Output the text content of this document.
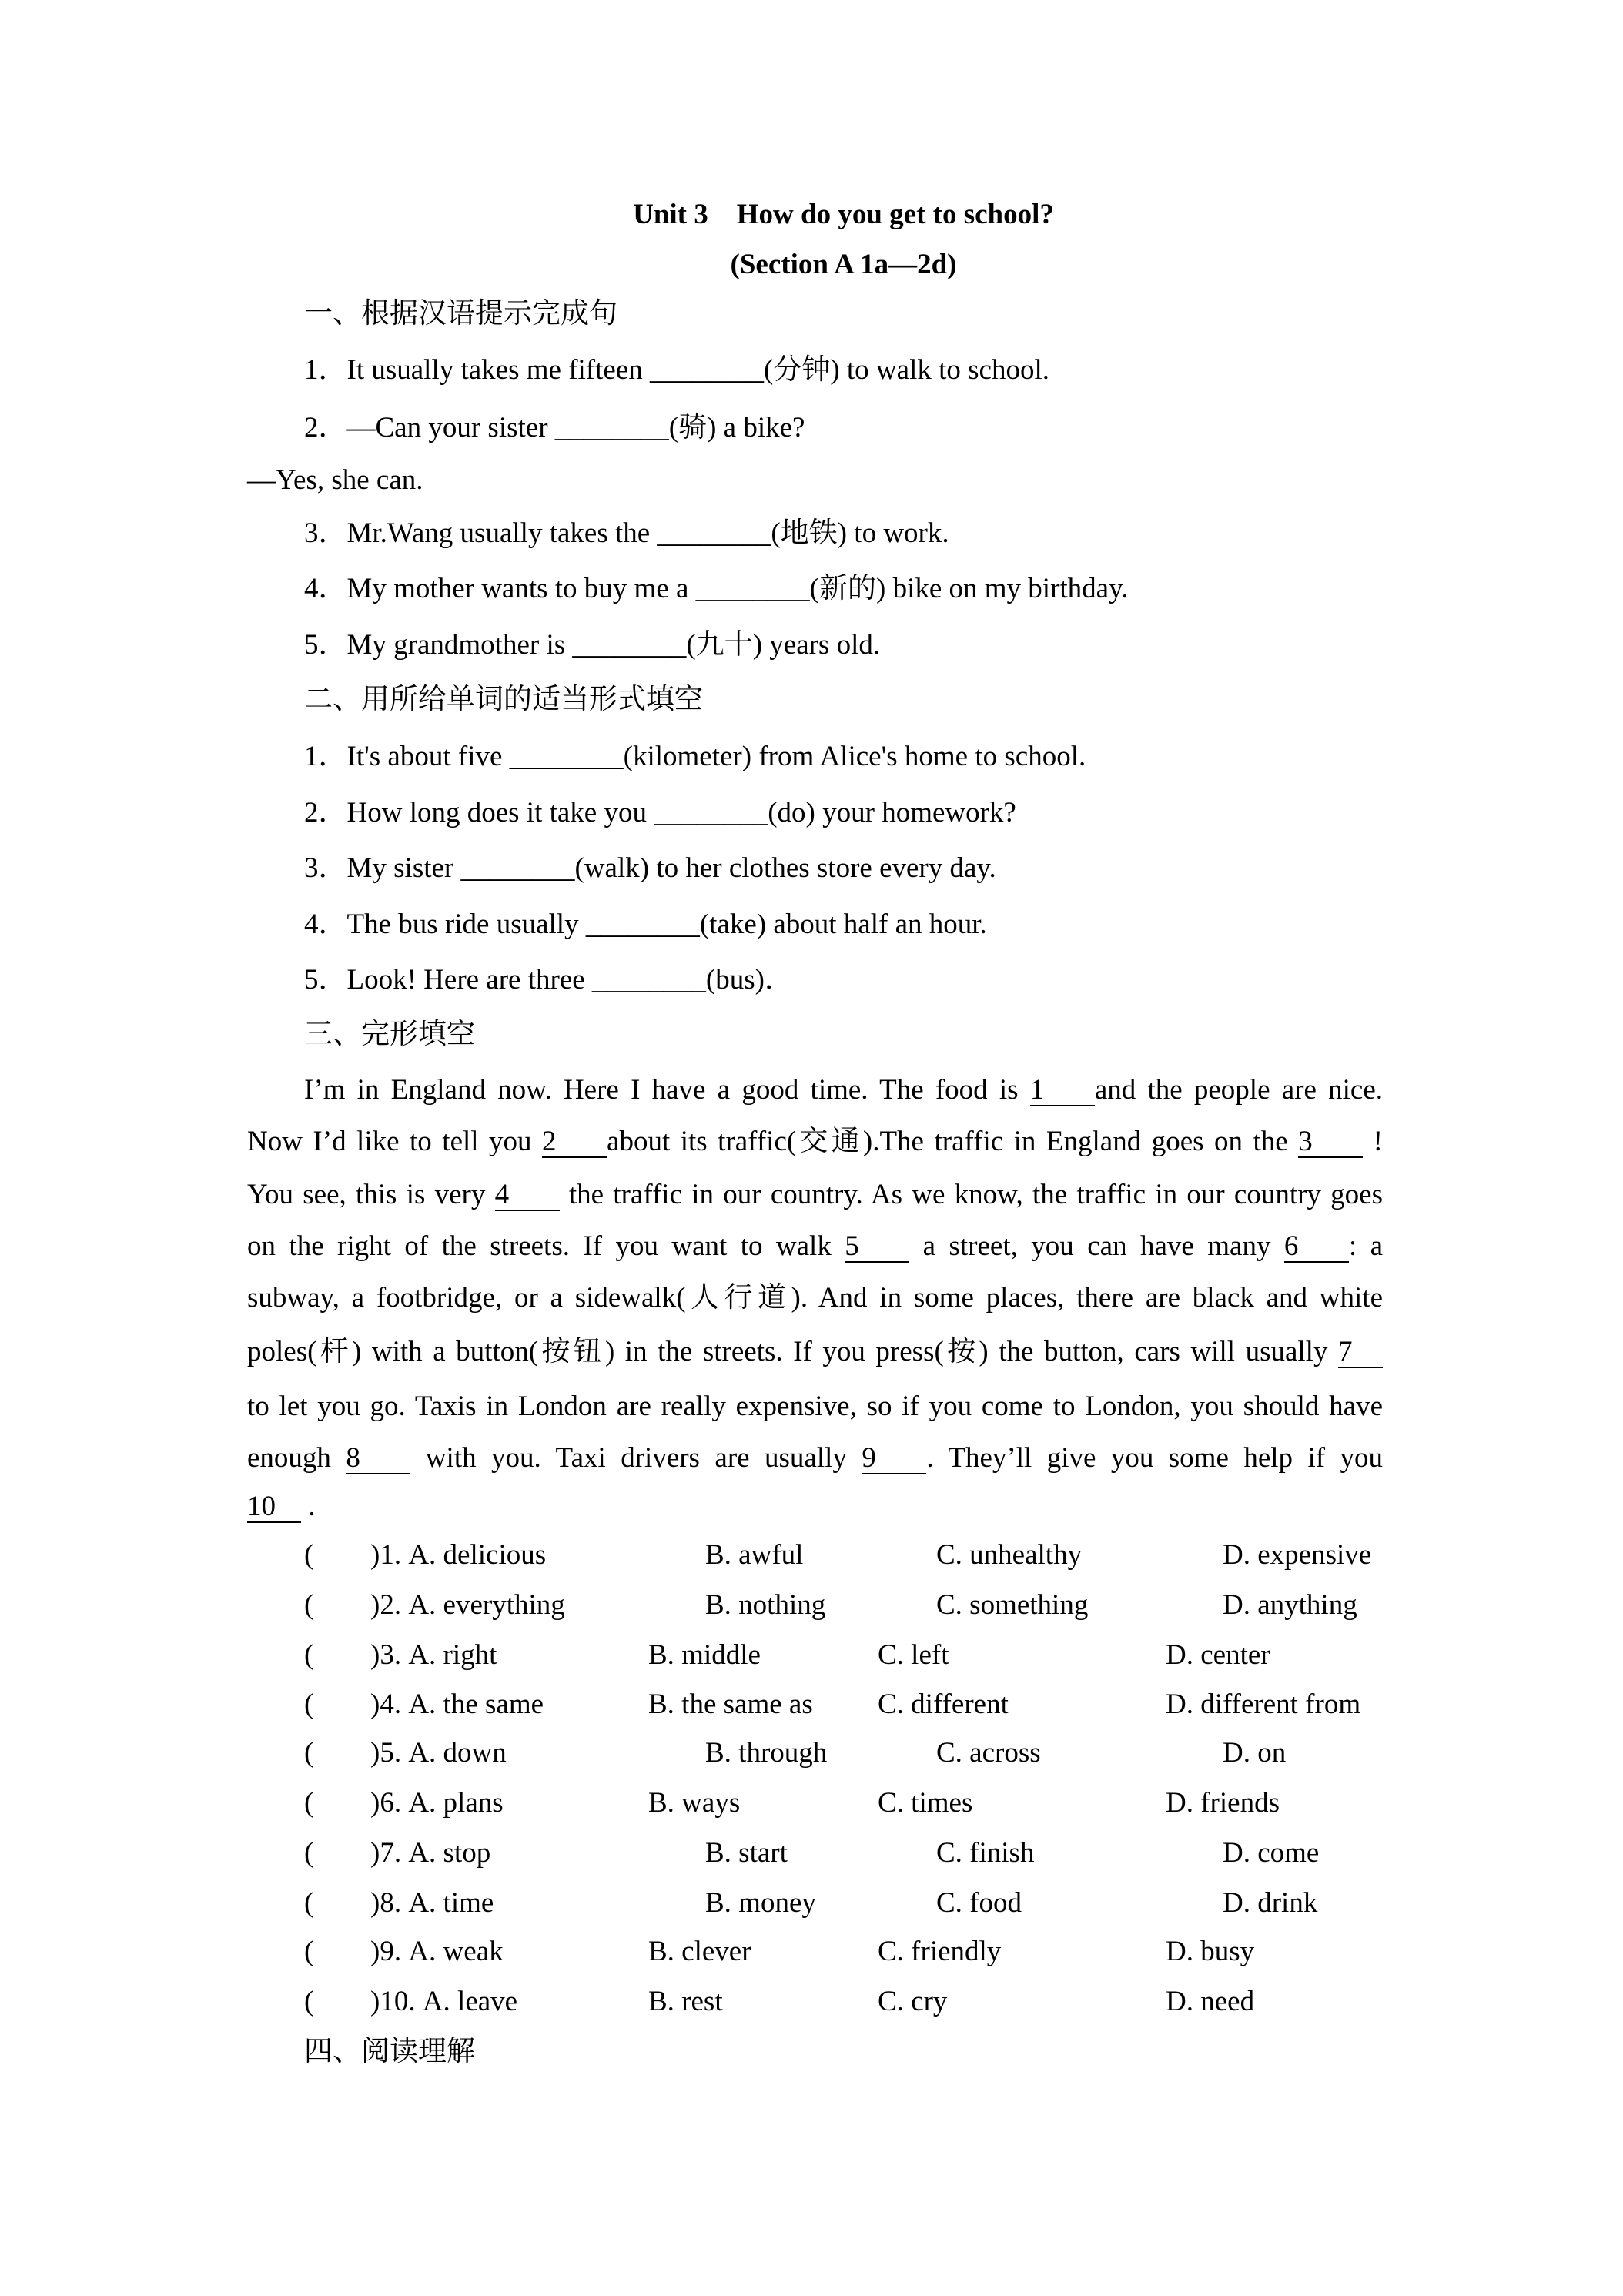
Unit 3　How do you get to school?
(Section A 1a—2d)
一、根据汉语提示完成句
1．It usually takes me fifteen ________(分钟) to walk to school.
2．—Can your sister ________(骑) a bike?
—Yes, she can.
3．Mr.Wang usually takes the ________(地铁) to work.
4．My mother wants to buy me a ________(新的) bike on my birthday.
5．My grandmother is ________(九十) years old.
二、用所给单词的适当形式填空
1．It's about five ________(kilometer) from Alice's home to school.
2．How long does it take you ________(do) your homework?
3．My sister ________(walk) to her clothes store every day.
4．The bus ride usually ________(take) about half an hour.
5．Look! Here are three ________(bus)．
三、完形填空
I’m in England now. Here I have a good time. The food is 1 and the people are nice.
Now I’d like to tell you 2 about its traffic(交通).The traffic in England goes on the 3 !
You see, this is very 4 the traffic in our country. As we know, the traffic in our country goes
on the right of the streets. If you want to walk 5 a street, you can have many 6 : a
subway, a footbridge, or a sidewalk(人行道). And in some places, there are black and white
poles(杆) with a button(按钮) in the streets. If you press(按) the button, cars will usually 7
to let you go. Taxis in London are really expensive, so if you come to London, you should have
enough 8 with you. Taxi drivers are usually 9 . They’ll give you some help if you
10 .
( )1. A. delicious	B. awful	C. unhealthy	D. expensive
( )2. A. everything	B. nothing	C. something	D. anything
( )3. A. right	B. middle	C. left	D. center
( )4. A. the same	B. the same as C. different	D. different from
( )5. A. down	B. through	C. across	D. on
( )6. A. plans	B. ways	C. times	D. friends
( )7. A. stop	B. start	C. finish	D. come
( )8. A. time	B. money	C. food	D. drink
( )9. A. weak	B. clever	C. friendly	D. busy
( )10. A. leave	B. rest	C. cry	D. need
四、阅读理解
